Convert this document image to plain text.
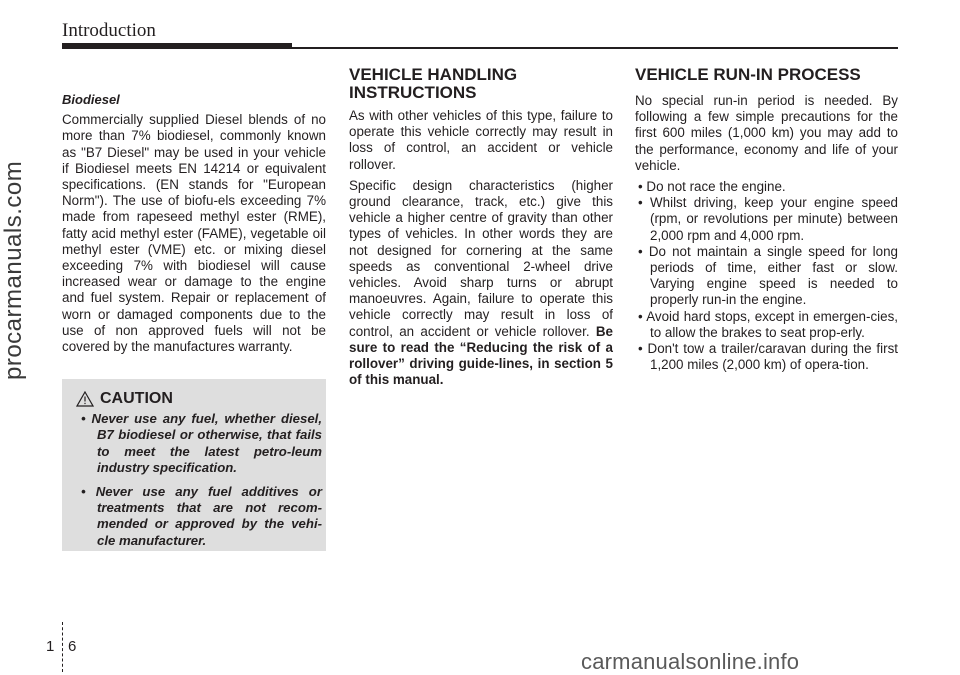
Introduction
procarmanuals.com
Biodiesel

Commercially supplied Diesel blends of no more than 7% biodiesel, commonly known as "B7 Diesel" may be used in your vehicle if Biodiesel meets EN 14214 or equivalent specifications. (EN stands for "European Norm"). The use of biofu-els exceeding 7% made from rapeseed methyl ester (RME), fatty acid methyl ester (FAME), vegetable oil methyl ester (VME) etc. or mixing diesel exceeding 7% with biodiesel will cause increased wear or damage to the engine and fuel system. Repair or replacement of worn or damaged components due to the use of non approved fuels will not be covered by the manufactures warranty.

CAUTION
• Never use any fuel, whether diesel, B7 biodiesel or otherwise, that fails to meet the latest petro-leum industry specification.
• Never use any fuel additives or treatments that are not recom-mended or approved by the vehi-cle manufacturer.
VEHICLE HANDLING INSTRUCTIONS

As with other vehicles of this type, failure to operate this vehicle correctly may result in loss of control, an accident or vehicle rollover.

Specific design characteristics (higher ground clearance, track, etc.) give this vehicle a higher centre of gravity than other types of vehicles. In other words they are not designed for cornering at the same speeds as conventional 2-wheel drive vehicles. Avoid sharp turns or abrupt manoeuvres. Again, failure to operate this vehicle correctly may result in loss of control, an accident or vehicle rollover. Be sure to read the “Reducing the risk of a rollover” driving guide-lines, in section 5 of this manual.

VEHICLE RUN-IN PROCESS

No special run-in period is needed. By following a few simple precautions for the first 600 miles (1,000 km) you may add to the performance, economy and life of your vehicle.

• Do not race the engine.
• Whilst driving, keep your engine speed (rpm, or revolutions per minute) between 2,000 rpm and 4,000 rpm.
• Do not maintain a single speed for long periods of time, either fast or slow. Varying engine speed is needed to properly run-in the engine.
• Avoid hard stops, except in emergen-cies, to allow the brakes to seat prop-erly.
• Don't tow a trailer/caravan during the first 1,200 miles (2,000 km) of opera-tion.
1 6
carmanualsonline.info
